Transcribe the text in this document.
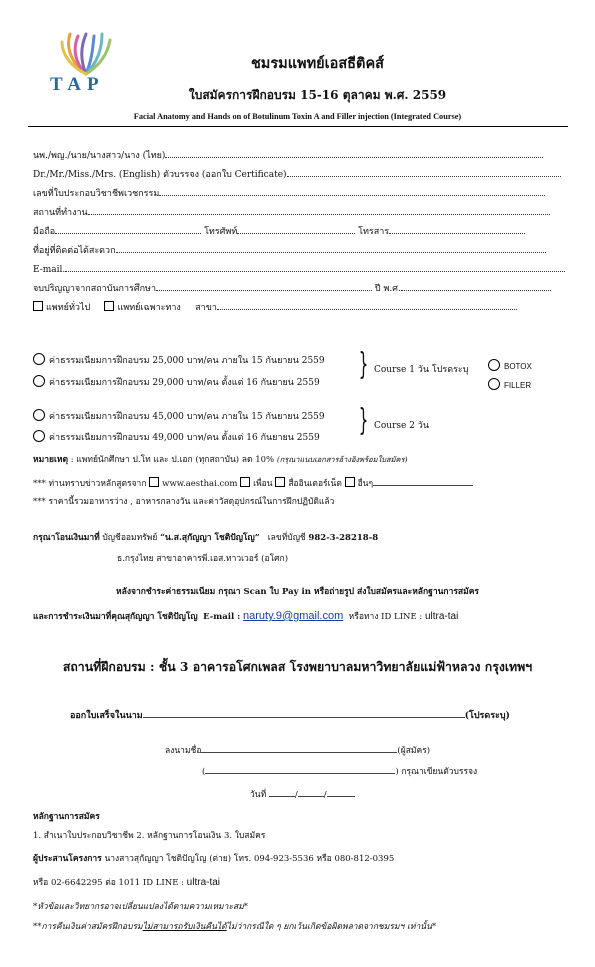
TAP
ชมรมแพทย์เอสธีติคส์
ใบสมัครการฝึกอบรม 15-16 ตุลาคม พ.ศ. 2559
Facial Anatomy and Hands on of Botulinum Toxin A and Filler injection (Integrated Course)
นพ./พญ./นาย/นางสาว/นาง (ไทย)
Dr./Mr./Miss./Mrs. (English) ตัวบรรจง (ออกใบ Certificate)
เลขที่ใบประกอบวิชาชีพเวชกรรม
สถานที่ทำงาน
มือถือ	โทรศัพท์	โทรสาร
ที่อยู่ที่ติดต่อได้สะดวก
E-mail.
จบปริญญาจากสถาบันการศึกษา	ปี พ.ศ.
แพทย์ทั่วไป	แพทย์เฉพาะทาง สาขา
ค่าธรรมเนียมการฝึกอบรม 25,000 บาท/คน ภายใน 15 กันยายน 2559
ค่าธรรมเนียมการฝึกอบรม 29,000 บาท/คน ตั้งแต่ 16 กันยายน 2559
} Course 1 วัน โปรดระบุ	BOTOX
FILLER
ค่าธรรมเนียมการฝึกอบรม 45,000 บาท/คน ภายใน 15 กันยายน 2559
ค่าธรรมเนียมการฝึกอบรม 49,000 บาท/คน ตั้งแต่ 16 กันยายน 2559 } Course 2 วัน
หมายเหตุ : แพทย์นักศึกษา ป.โท และ ป.เอก (ทุกสถาบัน) ลด 10% (กรุณาแนบเอกสารอ้างอิงพร้อมใบสมัคร)
*** ท่านทราบข่าวหลักสูตรจาก www.aesthai.com เพื่อน สื่ออินเตอร์เน็ต อื่นๆ
*** ราคานี้รวมอาหารว่าง , อาหารกลางวัน และค่าวัสดุอุปกรณ์ในการฝึกปฏิบัติแล้ว
กรุณาโอนเงินมาที่ บัญชีออมทรัพย์ “น.ส.สุกัญญา โชติปัญโญ” เลขที่บัญชี 982-3-28218-8
ธ.กรุงไทย สาขาอาคารพี.เอส.ทาวเวอร์ (อโศก)
หลังจากชำระค่าธรรมเนียม กรุณา Scan ใบ Pay in หรือถ่ายรูป ส่งใบสมัครและหลักฐานการสมัคร
และการชำระเงินมาที่คุณสุกัญญา โชติปัญโญ E-mail : naruty.9@gmail.com หรือทาง ID LINE : ultra-tai
สถานที่ฝึกอบรม : ชั้น 3 อาคารอโศกเพลส โรงพยาบาลมหาวิทยาลัยแม่ฟ้าหลวง กรุงเทพฯ
ออกใบเสร็จในนาม	(โปรดระบุ)
ลงนามชื่อ	(ผู้สมัคร)
(	) กรุณาเขียนตัวบรรจง
วันที่	/	/
หลักฐานการสมัคร
1. สำเนาใบประกอบวิชาชีพ 2. หลักฐานการโอนเงิน 3. ใบสมัคร
ผู้ประสานโครงการ นางสาวสุกัญญา โชติปัญโญ (ต่าย) โทร. 094-923-5536 หรือ 080-812-0395
หรือ 02-6642295 ต่อ 1011 ID LINE : ultra-tai
*หัวข้อและวิทยากรอาจเปลี่ยนแปลงได้ตามความเหมาะสม*
**การคืนเงินค่าสมัครฝึกอบรมไม่สามารถรับเงินคืนได้ไม่ว่ากรณีใด ๆ ยกเว้นเกิดข้อผิดพลาดจากชมรมฯ เท่านั้น*
